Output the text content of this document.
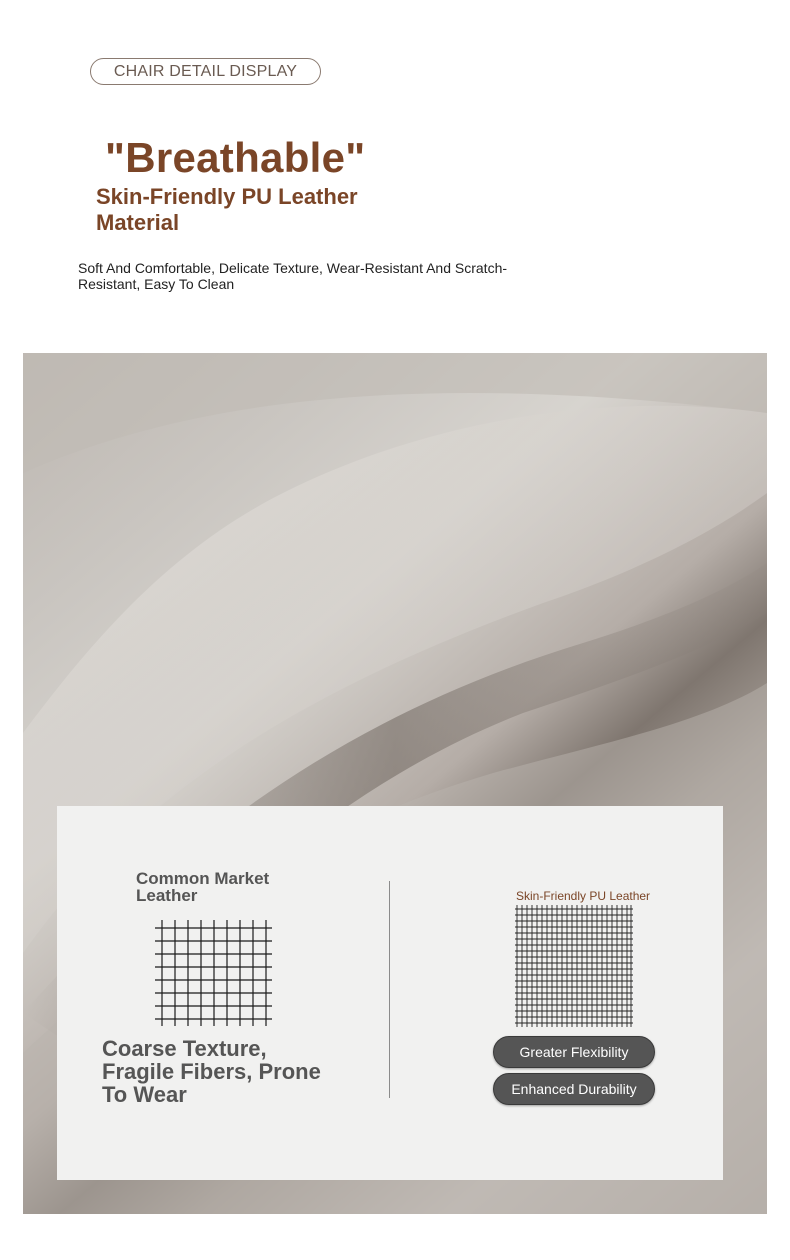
CHAIR DETAIL DISPLAY
"Breathable"
Skin-Friendly PU Leather Material
Soft And Comfortable, Delicate Texture, Wear-Resistant And Scratch-Resistant, Easy To Clean
Common Market Leather
Coarse Texture, Fragile Fibers, Prone To Wear
Skin-Friendly PU Leather
Greater Flexibility
Enhanced Durability
